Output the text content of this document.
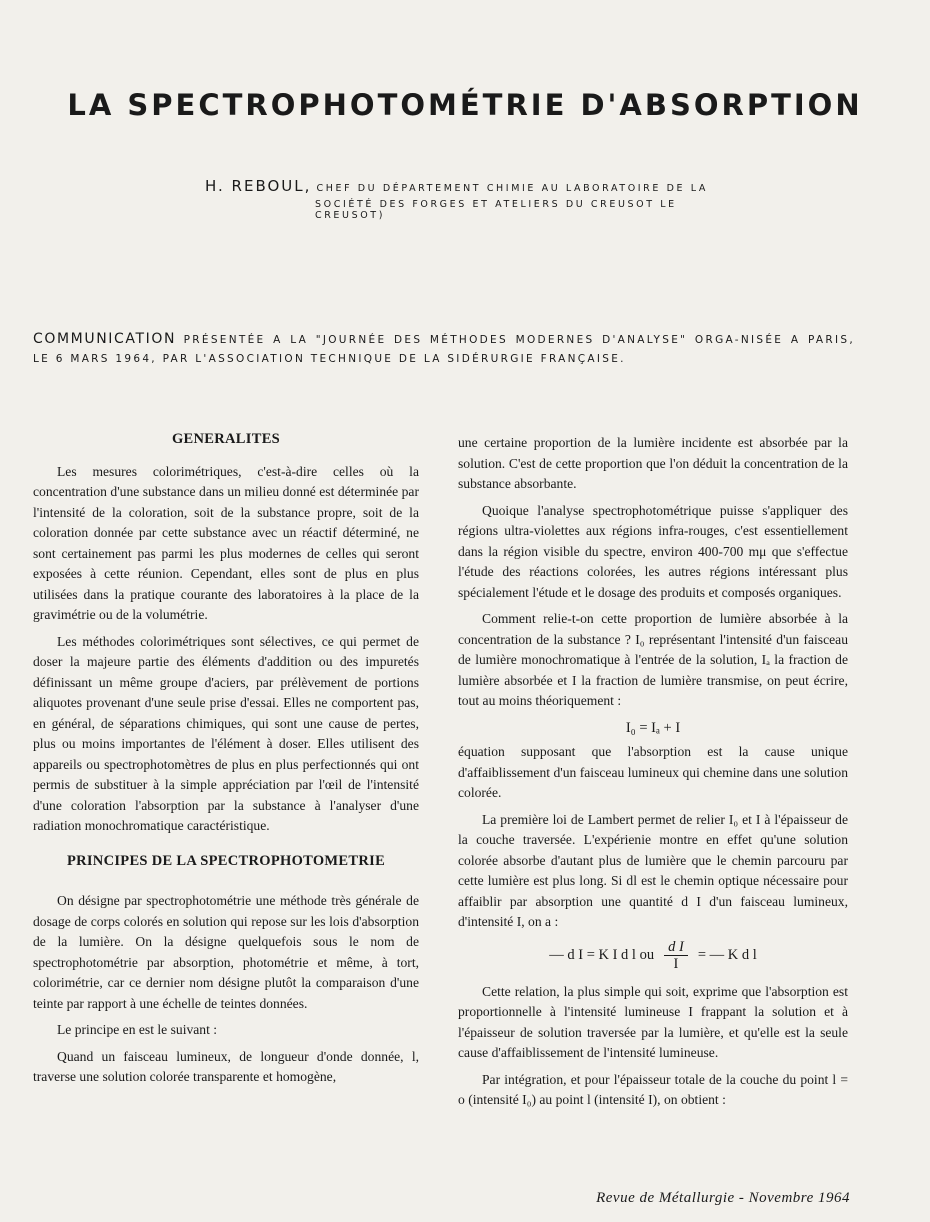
LA SPECTROPHOTOMÉTRIE D'ABSORPTION
H. REBOUL, CHEF DU DÉPARTEMENT CHIMIE AU LABORATOIRE DE LA
SOCIÉTÉ DES FORGES ET ATELIERS DU CREUSOT LE CREUSOT)
COMMUNICATION PRÉSENTÉE A LA "JOURNÉE DES MÉTHODES MODERNES D'ANALYSE" ORGA-NISÉE A PARIS, LE 6 MARS 1964, PAR L'ASSOCIATION TECHNIQUE DE LA SIDÉRURGIE FRANÇAISE.
GENERALITES

Les mesures colorimétriques, c'est-à-dire celles où la concentration d'une substance dans un milieu donné est déterminée par l'intensité de la coloration, soit de la substance propre, soit de la coloration donnée par cette substance avec un réactif déterminé, ne sont certainement pas parmi les plus modernes de celles qui seront exposées à cette réunion. Cependant, elles sont de plus en plus utilisées dans la pratique courante des laboratoires à la place de la gravimétrie ou de la volumétrie.

Les méthodes colorimétriques sont sélectives, ce qui permet de doser la majeure partie des éléments d'addition ou des impuretés définissant un même groupe d'aciers, par prélèvement de portions aliquotes provenant d'une seule prise d'essai. Elles ne comportent pas, en général, de séparations chimiques, qui sont une cause de pertes, plus ou moins importantes de l'élément à doser. Elles utilisent des appareils ou spectrophotomètres de plus en plus perfectionnés qui ont permis de substituer à la simple appréciation par l'œil de l'intensité d'une coloration l'absorption par la substance à l'analyser d'une radiation monochromatique caractéristique.

PRINCIPES DE LA SPECTROPHOTOMETRIE

On désigne par spectrophotométrie une méthode très générale de dosage de corps colorés en solution qui repose sur les lois d'absorption de la lumière. On la désigne quelquefois sous le nom de spectrophotométrie par absorption, photométrie et même, à tort, colorimétrie, car ce dernier nom désigne plutôt la comparaison d'une teinte par rapport à une échelle de teintes données.

Le principe en est le suivant :

Quand un faisceau lumineux, de longueur d'onde donnée, l, traverse une solution colorée transparente et homogène,

une certaine proportion de la lumière incidente est absorbée par la solution. C'est de cette proportion que l'on déduit la concentration de la substance absorbante.

Quoique l'analyse spectrophotométrique puisse s'appliquer des régions ultra-violettes aux régions infra-rouges, c'est essentiellement dans la région visible du spectre, environ 400-700 mμ que s'effectue l'étude des réactions colorées, les autres régions intéressant plus spécialement l'étude et le dosage des produits et composés organiques.

Comment relie-t-on cette proportion de lumière absorbée à la concentration de la substance ? I₀ représentant l'intensité d'un faisceau de lumière monochromatique à l'entrée de la solution, Iₐ la fraction de lumière absorbée et I la fraction de lumière transmise, on peut écrire, tout au moins théoriquement :

I₀ = Iₐ + I

équation supposant que l'absorption est la cause unique d'affaiblissement d'un faisceau lumineux qui chemine dans une solution colorée.

La première loi de Lambert permet de relier I₀ et I à l'épaisseur de la couche traversée. L'expérienie montre en effet qu'une solution colorée absorbe d'autant plus de lumière que le chemin parcouru par cette lumière est plus long. Si dl est le chemin optique nécessaire pour affaiblir par absorption une quantité d I d'un faisceau lumineux, d'intensité I, on a :

— d I = K I d l ou $\frac{\text{d I}}{I}$ = — K d l

Cette relation, la plus simple qui soit, exprime que l'absorption est proportionnelle à l'intensité lumineuse I frappant la solution et à l'épaisseur de solution traversée par la lumière, et qu'elle est la seule cause d'affaiblissement de l'intensité lumineuse.

Par intégration, et pour l'épaisseur totale de la couche du point l = o (intensité I₀) au point l (intensité I), on obtient :

Revue de Métallurgie - Novembre 1964
